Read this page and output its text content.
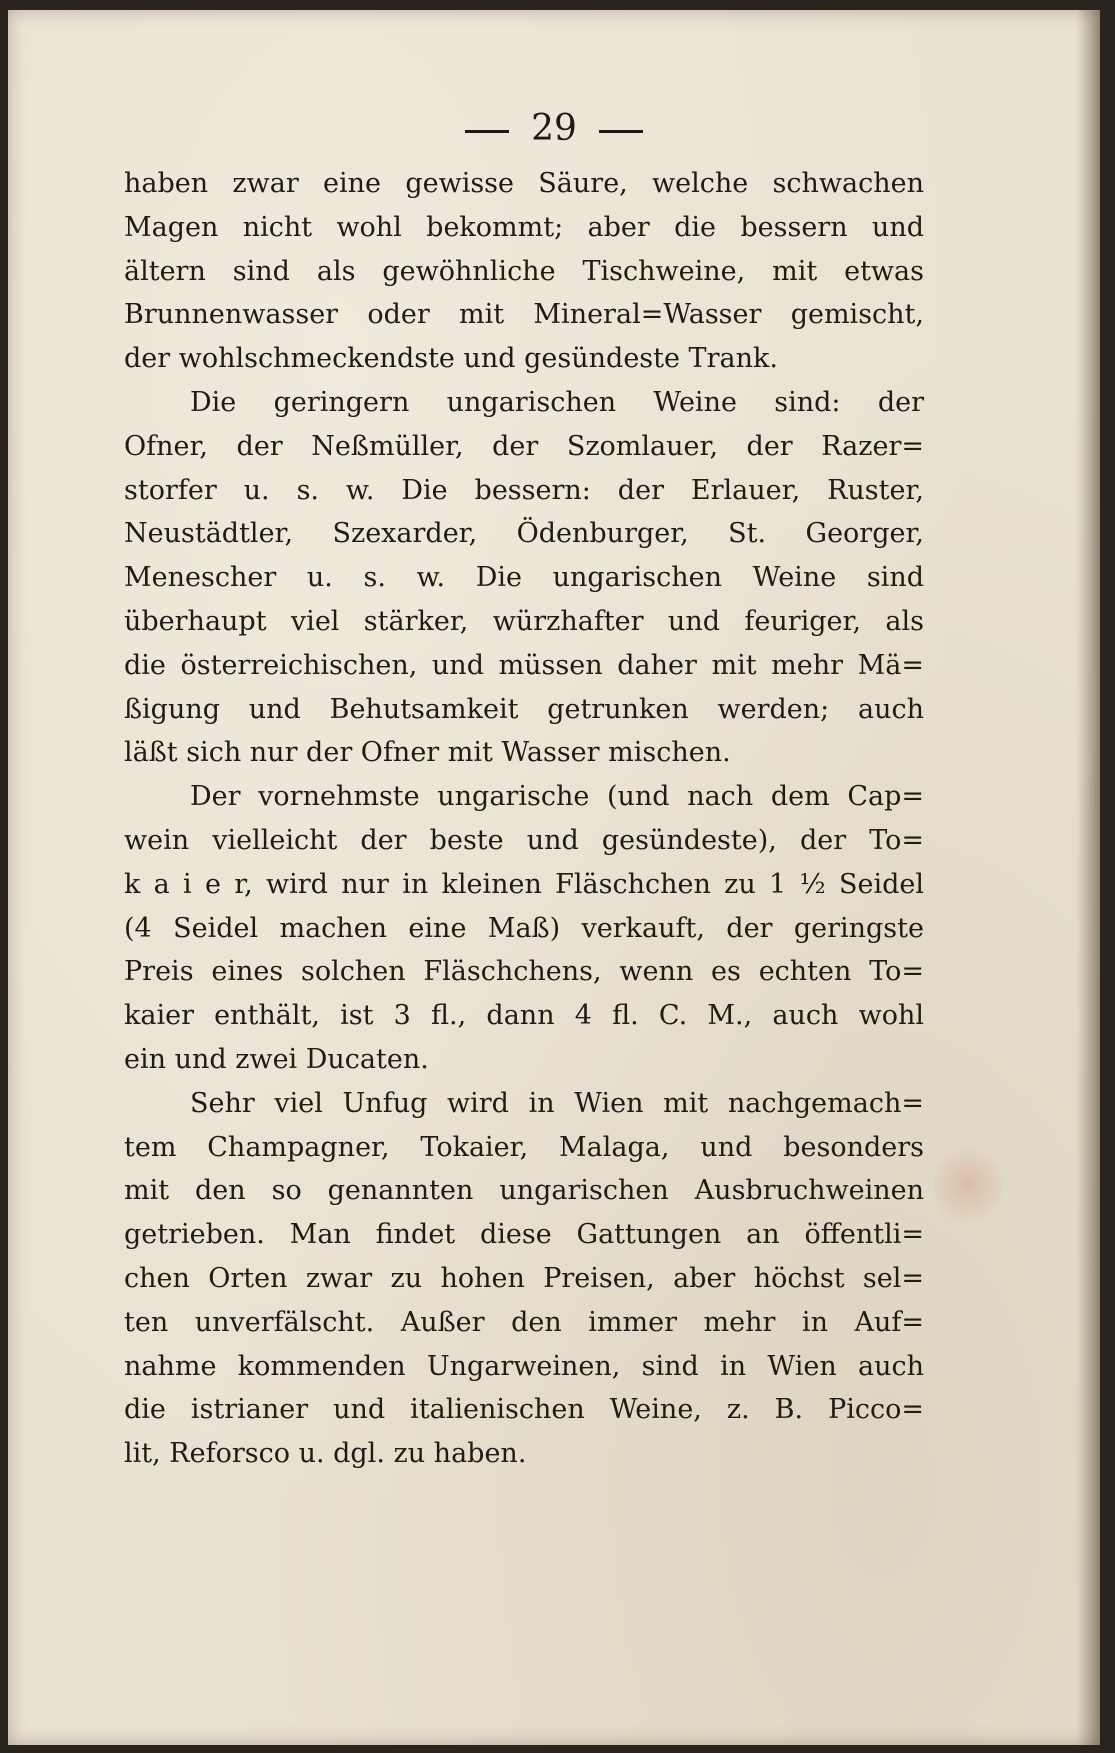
29
haben zwar eine gewisse Säure, welche schwachen
Magen nicht wohl bekommt; aber die bessern und
ältern sind als gewöhnliche Tischweine, mit etwas
Brunnenwasser oder mit Mineral=Wasser gemischt,
der wohlschmeckendste und gesündeste Trank.
Die geringern ungarischen Weine sind: der
Ofner, der Neßmüller, der Szomlauer, der Razer=
storfer u. s. w. Die bessern: der Erlauer, Ruster,
Neustädtler, Szexarder, Ödenburger, St. Georger,
Menescher u. s. w. Die ungarischen Weine sind
überhaupt viel stärker, würzhafter und feuriger, als
die österreichischen, und müssen daher mit mehr Mä=
ßigung und Behutsamkeit getrunken werden; auch
läßt sich nur der Ofner mit Wasser mischen.
Der vornehmste ungarische (und nach dem Cap=
wein vielleicht der beste und gesündeste), der To=
k a i e r, wird nur in kleinen Fläschchen zu 1 ½ Seidel
(4 Seidel machen eine Maß) verkauft, der geringste
Preis eines solchen Fläschchens, wenn es echten To=
kaier enthält, ist 3 fl., dann 4 fl. C. M., auch wohl
ein und zwei Ducaten.
Sehr viel Unfug wird in Wien mit nachgemach=
tem Champagner, Tokaier, Malaga, und besonders
mit den so genannten ungarischen Ausbruchweinen
getrieben. Man findet diese Gattungen an öffentli=
chen Orten zwar zu hohen Preisen, aber höchst sel=
ten unverfälscht. Außer den immer mehr in Auf=
nahme kommenden Ungarweinen, sind in Wien auch
die istrianer und italienischen Weine, z. B. Picco=
lit, Reforsco u. dgl. zu haben.
